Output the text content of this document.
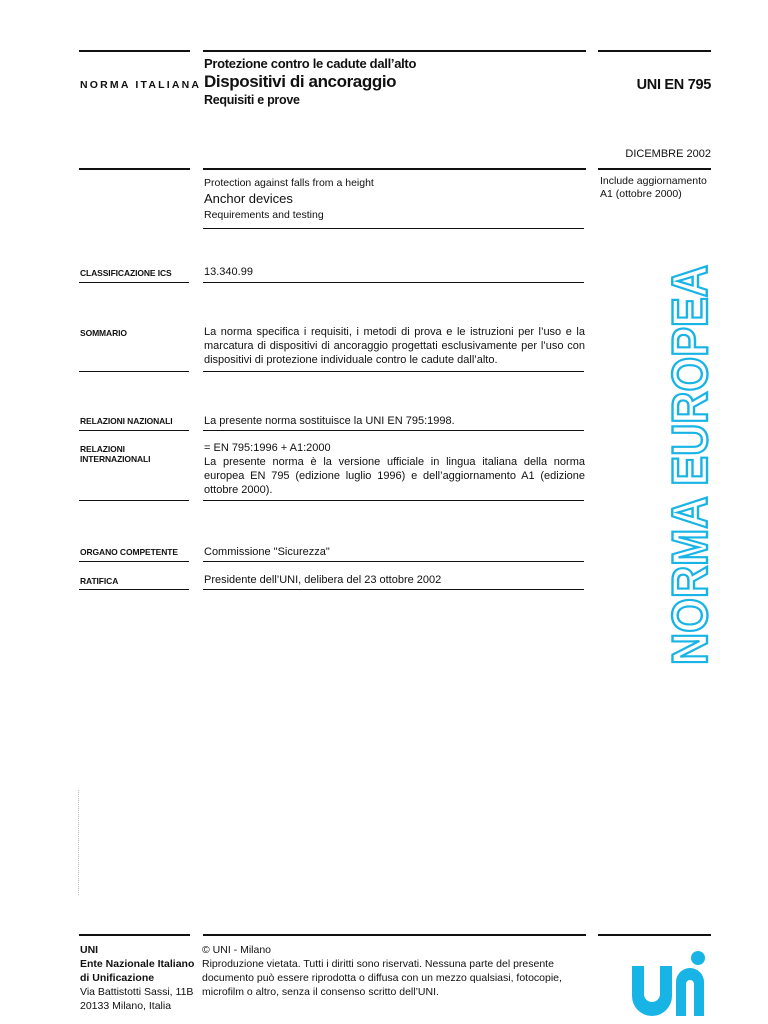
NORMA ITALIANA
Protezione contro le cadute dall’alto
Dispositivi di ancoraggio
Requisiti e prove
UNI EN 795
DICEMBRE 2002
Protection against falls from a height
Anchor devices
Requirements and testing
Include aggiornamento A1 (ottobre 2000)
CLASSIFICAZIONE ICS	13.340.99
SOMMARIO	La norma specifica i requisiti, i metodi di prova e le istruzioni per l’uso e la marcatura di dispositivi di ancoraggio progettati esclusivamente per l’uso con dispositivi di protezione individuale contro le cadute dall’alto.
RELAZIONI NAZIONALI	La presente norma sostituisce la UNI EN 795:1998.
RELAZIONI INTERNAZIONALI
= EN 795:1996 + A1:2000
La presente norma è la versione ufficiale in lingua italiana della norma europea EN 795 (edizione luglio 1996) e dell’aggiornamento A1 (edizione ottobre 2000).
ORGANO COMPETENTE	Commissione "Sicurezza"
RATIFICA	Presidente dell’UNI, delibera del 23 ottobre 2002	NORMA EUROPEA
UNI
Ente Nazionale Italiano
di Unificazione
Via Battistotti Sassi, 11B
20133 Milano, Italia
© UNI - Milano
Riproduzione vietata. Tutti i diritti sono riservati. Nessuna parte del presente documento può essere riprodotta o diffusa con un mezzo qualsiasi, fotocopie, microfilm o altro, senza il consenso scritto dell’UNI.
